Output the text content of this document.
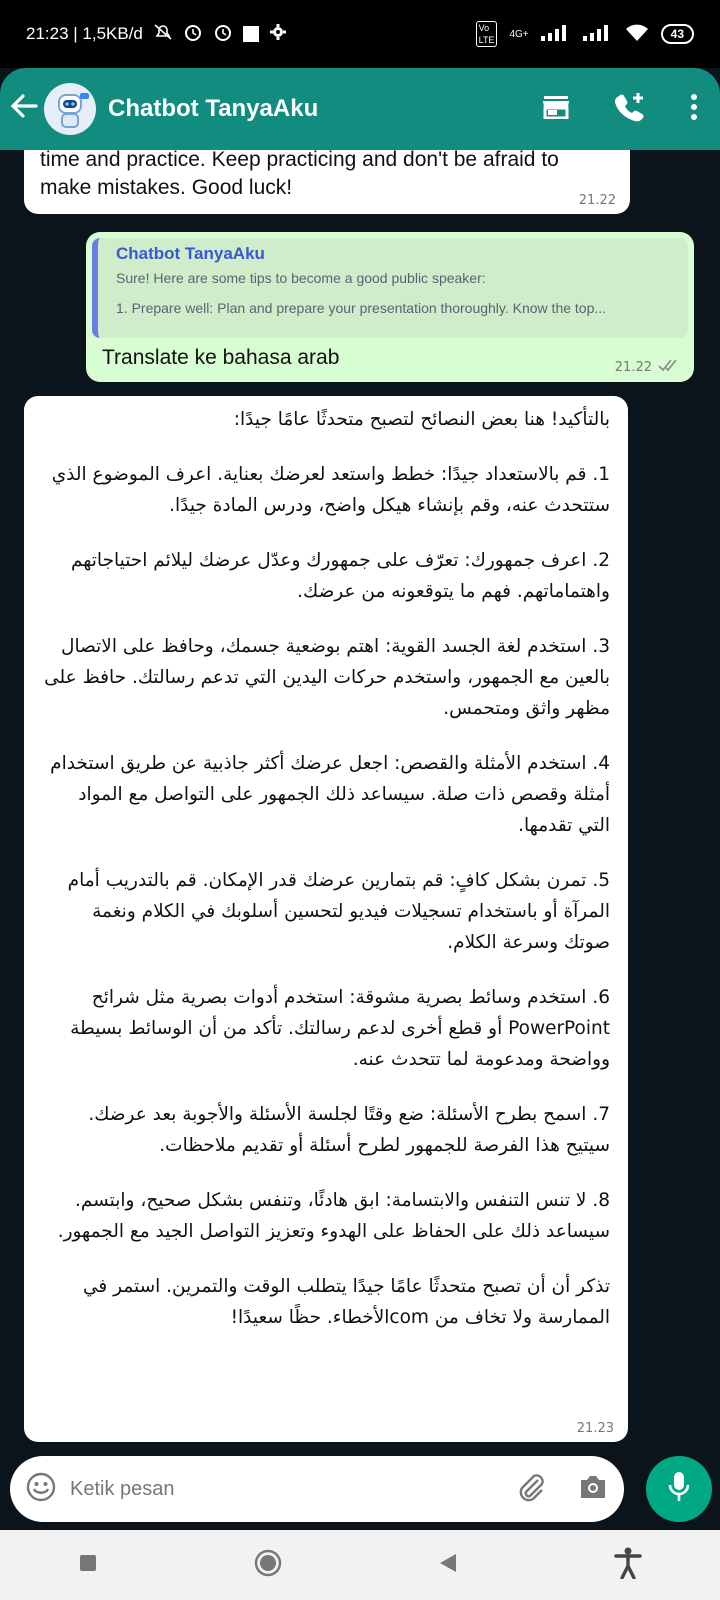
21:23 | 1,5KB/d	Vo
LTE
4G+	43
Chatbot TanyaAku
time and practice. Keep practicing and don't be afraid to make mistakes. Good luck!
21.22
Chatbot TanyaAku
Sure! Here are some tips to become a good public speaker:
1. Prepare well: Plan and prepare your presentation thoroughly. Know the top...
Translate ke bahasa arab	21.22

بالتأكيد! هنا بعض النصائح لتصبح متحدثًا عامًا جيدًا:

1. قم بالاستعداد جيدًا: خطط واستعد لعرضك بعناية. اعرف الموضوع الذي ستتحدث عنه، وقم بإنشاء هيكل واضح، ودرس المادة جيدًا.

2. اعرف جمهورك: تعرّف على جمهورك وعدّل عرضك ليلائم احتياجاتهم واهتماماتهم. فهم ما يتوقعونه من عرضك.

3. استخدم لغة الجسد القوية: اهتم بوضعية جسمك، وحافظ على الاتصال بالعين مع الجمهور، واستخدم حركات اليدين التي تدعم رسالتك. حافظ على مظهر واثق ومتحمس.

4. استخدم الأمثلة والقصص: اجعل عرضك أكثر جاذبية عن طريق استخدام أمثلة وقصص ذات صلة. سيساعد ذلك الجمهور على التواصل مع المواد التي تقدمها.

5. تمرن بشكل كافٍ: قم بتمارين عرضك قدر الإمكان. قم بالتدريب أمام المرآة أو باستخدام تسجيلات فيديو لتحسين أسلوبك في الكلام ونغمة صوتك وسرعة الكلام.

6. استخدم وسائط بصرية مشوقة: استخدم أدوات بصرية مثل شرائح PowerPoint أو قطع أخرى لدعم رسالتك. تأكد من أن الوسائط بسيطة وواضحة ومدعومة لما تتحدث عنه.

7. اسمح بطرح الأسئلة: ضع وقتًا لجلسة الأسئلة والأجوبة بعد عرضك. سيتيح هذا الفرصة للجمهور لطرح أسئلة أو تقديم ملاحظات.

8. لا تنس التنفس والابتسامة: ابق هادئًا، وتنفس بشكل صحيح، وابتسم. سيساعد ذلك على الحفاظ على الهدوء وتعزيز التواصل الجيد مع الجمهور.

تذكر أن أن تصبح متحدثًا عامًا جيدًا يتطلب الوقت والتمرين. استمر في الممارسة ولا تخاف من comالأخطاء. حظًا سعيدًا!

21.23
Ketik pesan
